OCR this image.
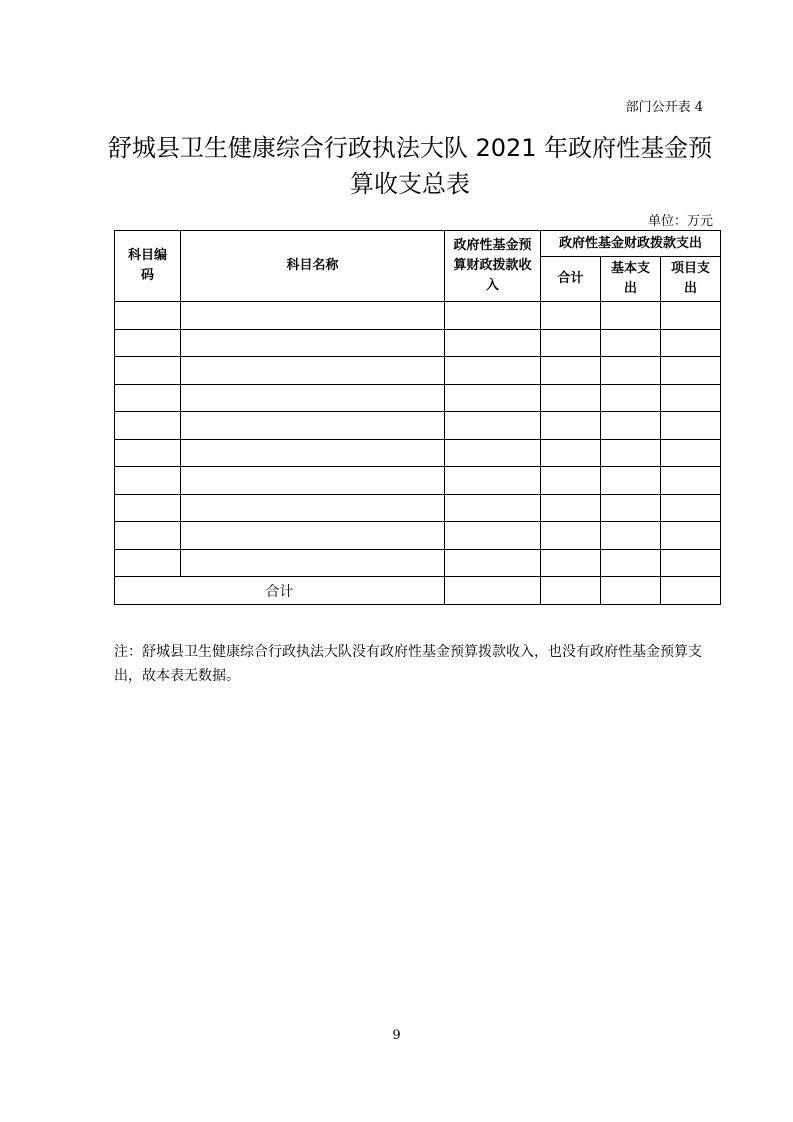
部门公开表 4
舒城县卫生健康综合行政执法大队 2021 年政府性基金预
算收支总表
单位：万元
科目编码	科目名称	政府性基金预算财政拨款收入	政府性基金财政拨款支出		
			合计	基本支出	项目支出

合计					
注：舒城县卫生健康综合行政执法大队没有政府性基金预算拨款收入，也没有政府性基金预算支出，故本表无数据。
9
